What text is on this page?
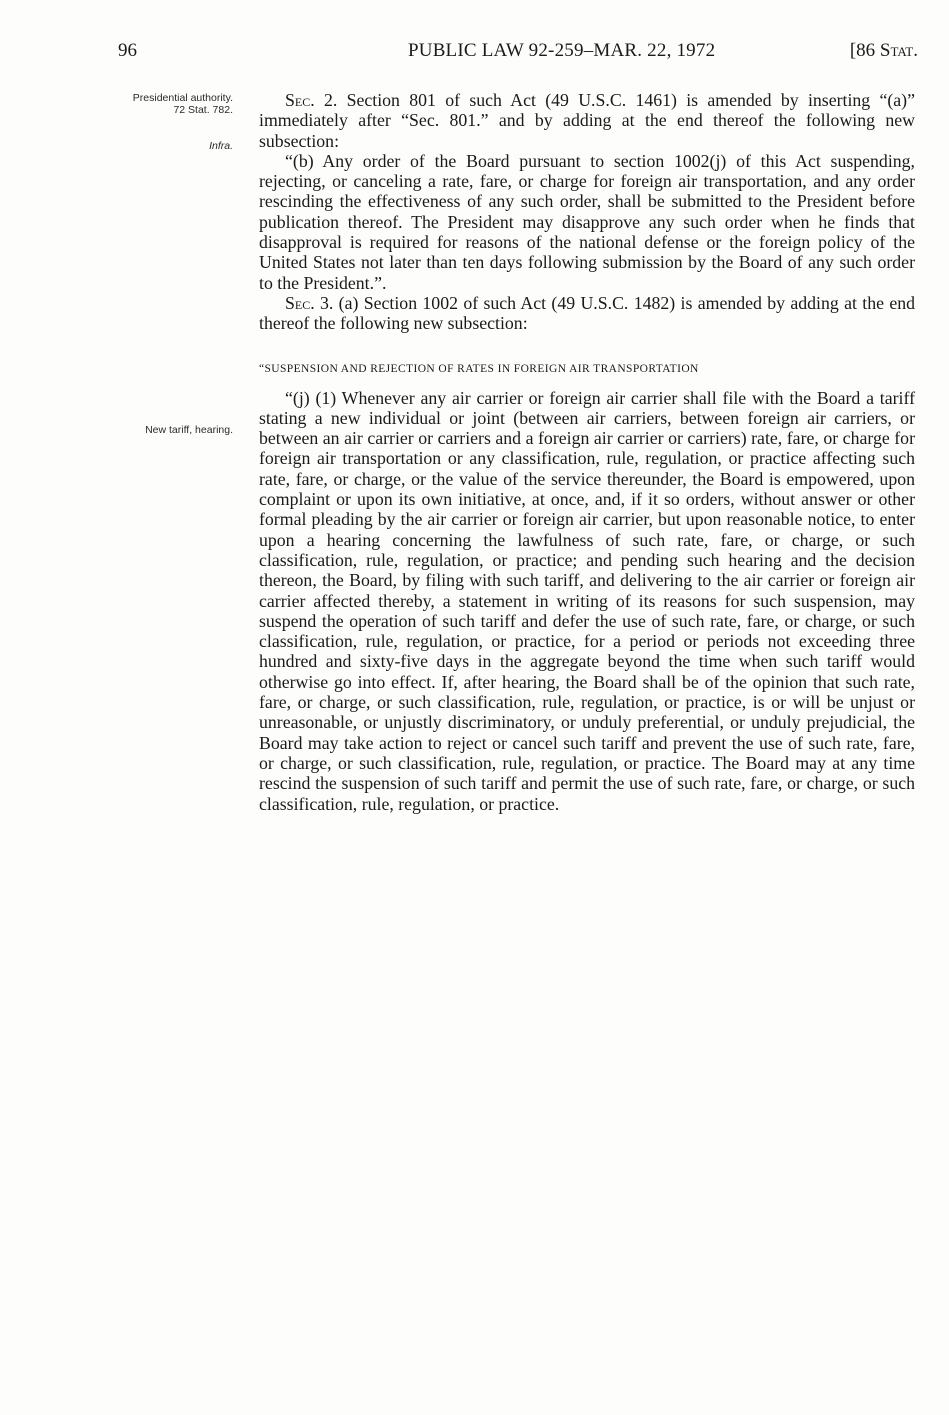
96	PUBLIC LAW 92-259–MAR. 22, 1972	[86 Stat.
Presidential authority.
72 Stat. 782.
Infra.
New tariff, hearing.

Sec. 2. Section 801 of such Act (49 U.S.C. 1461) is amended by inserting “(a)” immediately after “Sec. 801.” and by adding at the end thereof the following new subsection:

“(b) Any order of the Board pursuant to section 1002(j) of this Act suspending, rejecting, or canceling a rate, fare, or charge for foreign air transportation, and any order rescinding the effectiveness of any such order, shall be submitted to the President before publication thereof. The President may disapprove any such order when he finds that disapproval is required for reasons of the national defense or the foreign policy of the United States not later than ten days following submission by the Board of any such order to the President.”.

Sec. 3. (a) Section 1002 of such Act (49 U.S.C. 1482) is amended by adding at the end thereof the following new subsection:

“SUSPENSION AND REJECTION OF RATES IN FOREIGN AIR TRANSPORTATION

“(j) (1) Whenever any air carrier or foreign air carrier shall file with the Board a tariff stating a new individual or joint (between air carriers, between foreign air carriers, or between an air carrier or carriers and a foreign air carrier or carriers) rate, fare, or charge for foreign air transportation or any classification, rule, regulation, or practice affecting such rate, fare, or charge, or the value of the service thereunder, the Board is empowered, upon complaint or upon its own initiative, at once, and, if it so orders, without answer or other formal pleading by the air carrier or foreign air carrier, but upon reasonable notice, to enter upon a hearing concerning the lawfulness of such rate, fare, or charge, or such classification, rule, regulation, or practice; and pending such hearing and the decision thereon, the Board, by filing with such tariff, and delivering to the air carrier or foreign air carrier affected thereby, a statement in writing of its reasons for such suspension, may suspend the operation of such tariff and defer the use of such rate, fare, or charge, or such classification, rule, regulation, or practice, for a period or periods not exceeding three hundred and sixty-five days in the aggregate beyond the time when such tariff would otherwise go into effect. If, after hearing, the Board shall be of the opinion that such rate, fare, or charge, or such classification, rule, regulation, or practice, is or will be unjust or unreasonable, or unjustly discriminatory, or unduly preferential, or unduly prejudicial, the Board may take action to reject or cancel such tariff and prevent the use of such rate, fare, or charge, or such classification, rule, regulation, or practice. The Board may at any time rescind the suspension of such tariff and permit the use of such rate, fare, or charge, or such classification, rule, regulation, or practice.
